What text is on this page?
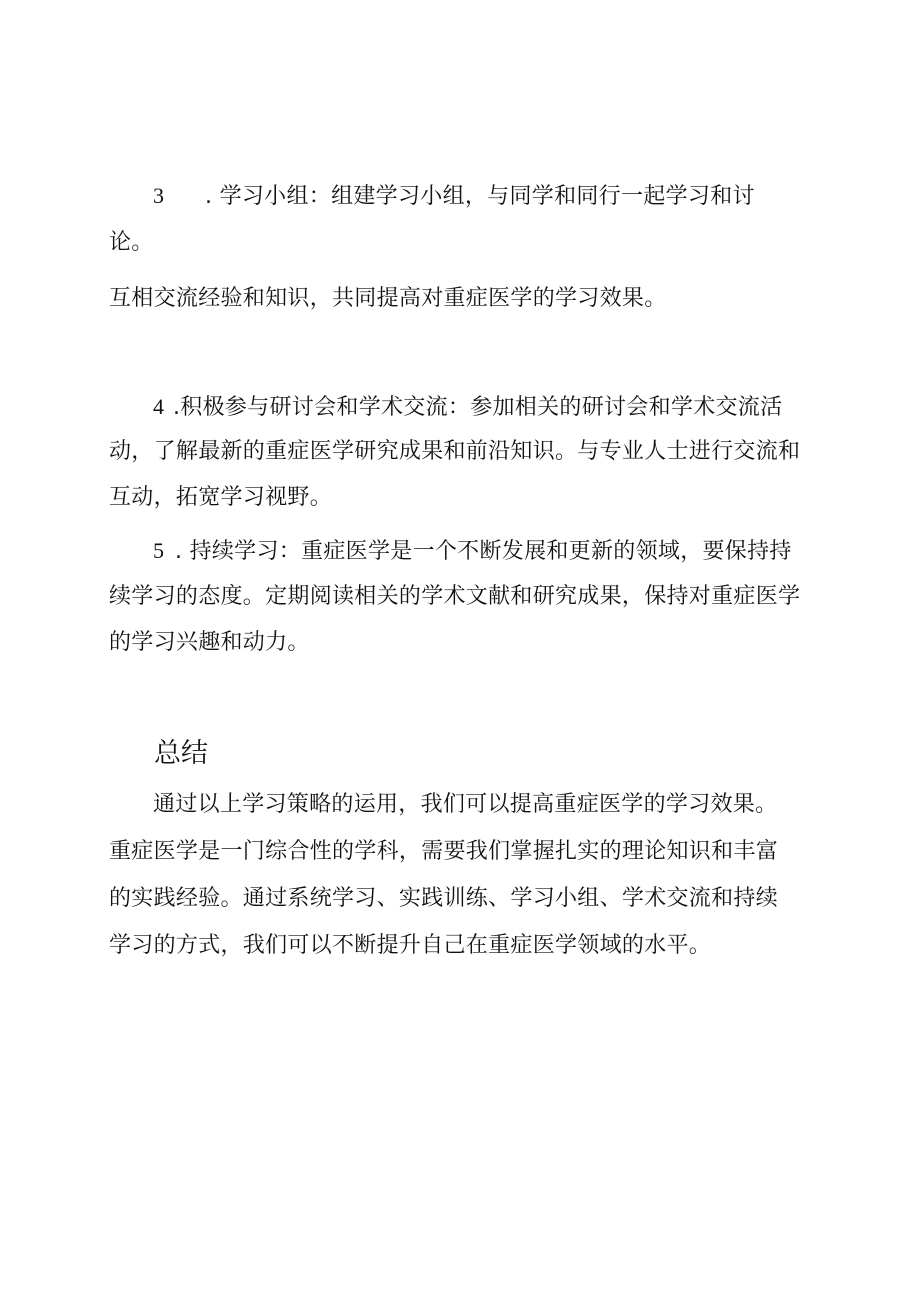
3 . 学习小组：组建学习小组，与同学和同行一起学习和讨
论。
互相交流经验和知识，共同提高对重症医学的学习效果。
4 .积极参与研讨会和学术交流：参加相关的研讨会和学术交流活
动，了解最新的重症医学研究成果和前沿知识。与专业人士进行交流和
互动，拓宽学习视野。
5 . 持续学习：重症医学是一个不断发展和更新的领域，要保持持
续学习的态度。定期阅读相关的学术文献和研究成果，保持对重症医学
的学习兴趣和动力。
总结
通过以上学习策略的运用，我们可以提高重症医学的学习效果。
重症医学是一门综合性的学科，需要我们掌握扎实的理论知识和丰富
的实践经验。通过系统学习、实践训练、学习小组、学术交流和持续
学习的方式，我们可以不断提升自己在重症医学领域的水平。
